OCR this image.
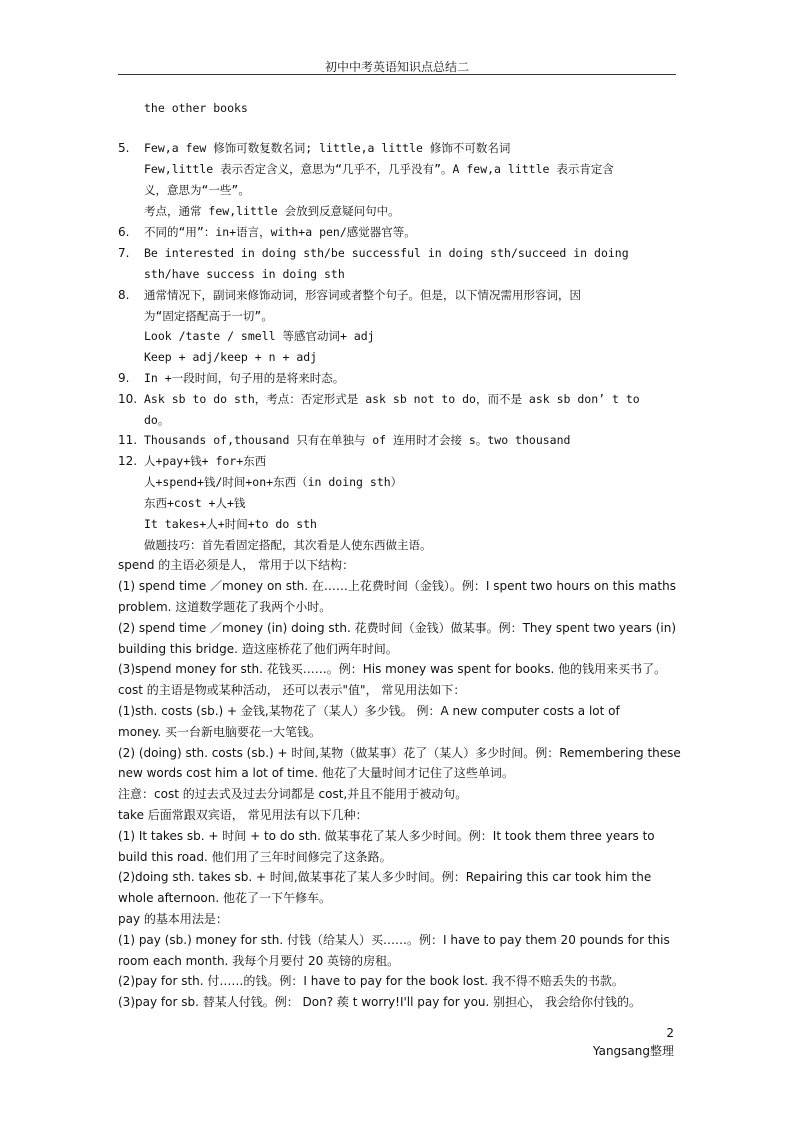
初中中考英语知识点总结二
the other books
5. Few,a few 修饰可数复数名词; little,a little 修饰不可数名词
Few,little 表示否定含义，意思为“几乎不，几乎没有”。A few,a little 表示肯定含
义，意思为“一些”。
考点，通常 few,little 会放到反意疑问句中。
6. 不同的“用”：in+语言，with+a pen/感觉器官等。
7. Be interested in doing sth/be successful in doing sth/succeed in doing
sth/have success in doing sth
8. 通常情况下，副词来修饰动词，形容词或者整个句子。但是，以下情况需用形容词，因
为“固定搭配高于一切”。
Look /taste / smell 等感官动词+ adj
Keep + adj/keep + n + adj
9. In +一段时间，句子用的是将来时态。
10. Ask sb to do sth，考点：否定形式是 ask sb not to do，而不是 ask sb don’ t to
do。
11. Thousands of,thousand 只有在单独与 of 连用时才会接 s。two thousand
12. 人+pay+钱+ for+东西
人+spend+钱/时间+on+东西（in doing sth）
东西+cost +人+钱
It takes+人+时间+to do sth
做题技巧：首先看固定搭配，其次看是人使东西做主语。
spend 的主语必须是人， 常用于以下结构：
(1) spend time ／money on sth. 在……上花费时间（金钱）。例：I spent two hours on this maths
problem. 这道数学题花了我两个小时。
(2) spend time ／money (in) doing sth. 花费时间（金钱）做某事。例：They spent two years (in)
building this bridge. 造这座桥花了他们两年时间。
(3)spend money for sth. 花钱买……。例：His money was spent for books. 他的钱用来买书了。
cost 的主语是物或某种活动， 还可以表示"值"， 常见用法如下：
(1)sth. costs (sb.) + 金钱,某物花了（某人）多少钱。 例：A new computer costs a lot of
money. 买一台新电脑要花一大笔钱。
(2) (doing) sth. costs (sb.) + 时间,某物（做某事）花了（某人）多少时间。例：Remembering these
new words cost him a lot of time. 他花了大量时间才记住了这些单词。
注意：cost 的过去式及过去分词都是 cost,并且不能用于被动句。
take 后面常跟双宾语， 常见用法有以下几种：
(1) It takes sb. + 时间 + to do sth. 做某事花了某人多少时间。例：It took them three years to
build this road. 他们用了三年时间修完了这条路。
(2)doing sth. takes sb. + 时间,做某事花了某人多少时间。例：Repairing this car took him the
whole afternoon. 他花了一下午修车。
pay 的基本用法是：
(1) pay (sb.) money for sth. 付钱（给某人）买……。例：I have to pay them 20 pounds for this
room each month. 我每个月要付 20 英镑的房租。
(2)pay for sth. 付……的钱。例：I have to pay for the book lost. 我不得不赔丢失的书款。
(3)pay for sb. 替某人付钱。例： Don? 蒺 t worry!I'll pay for you. 别担心， 我会给你付钱的。
2
Yangsang整理
